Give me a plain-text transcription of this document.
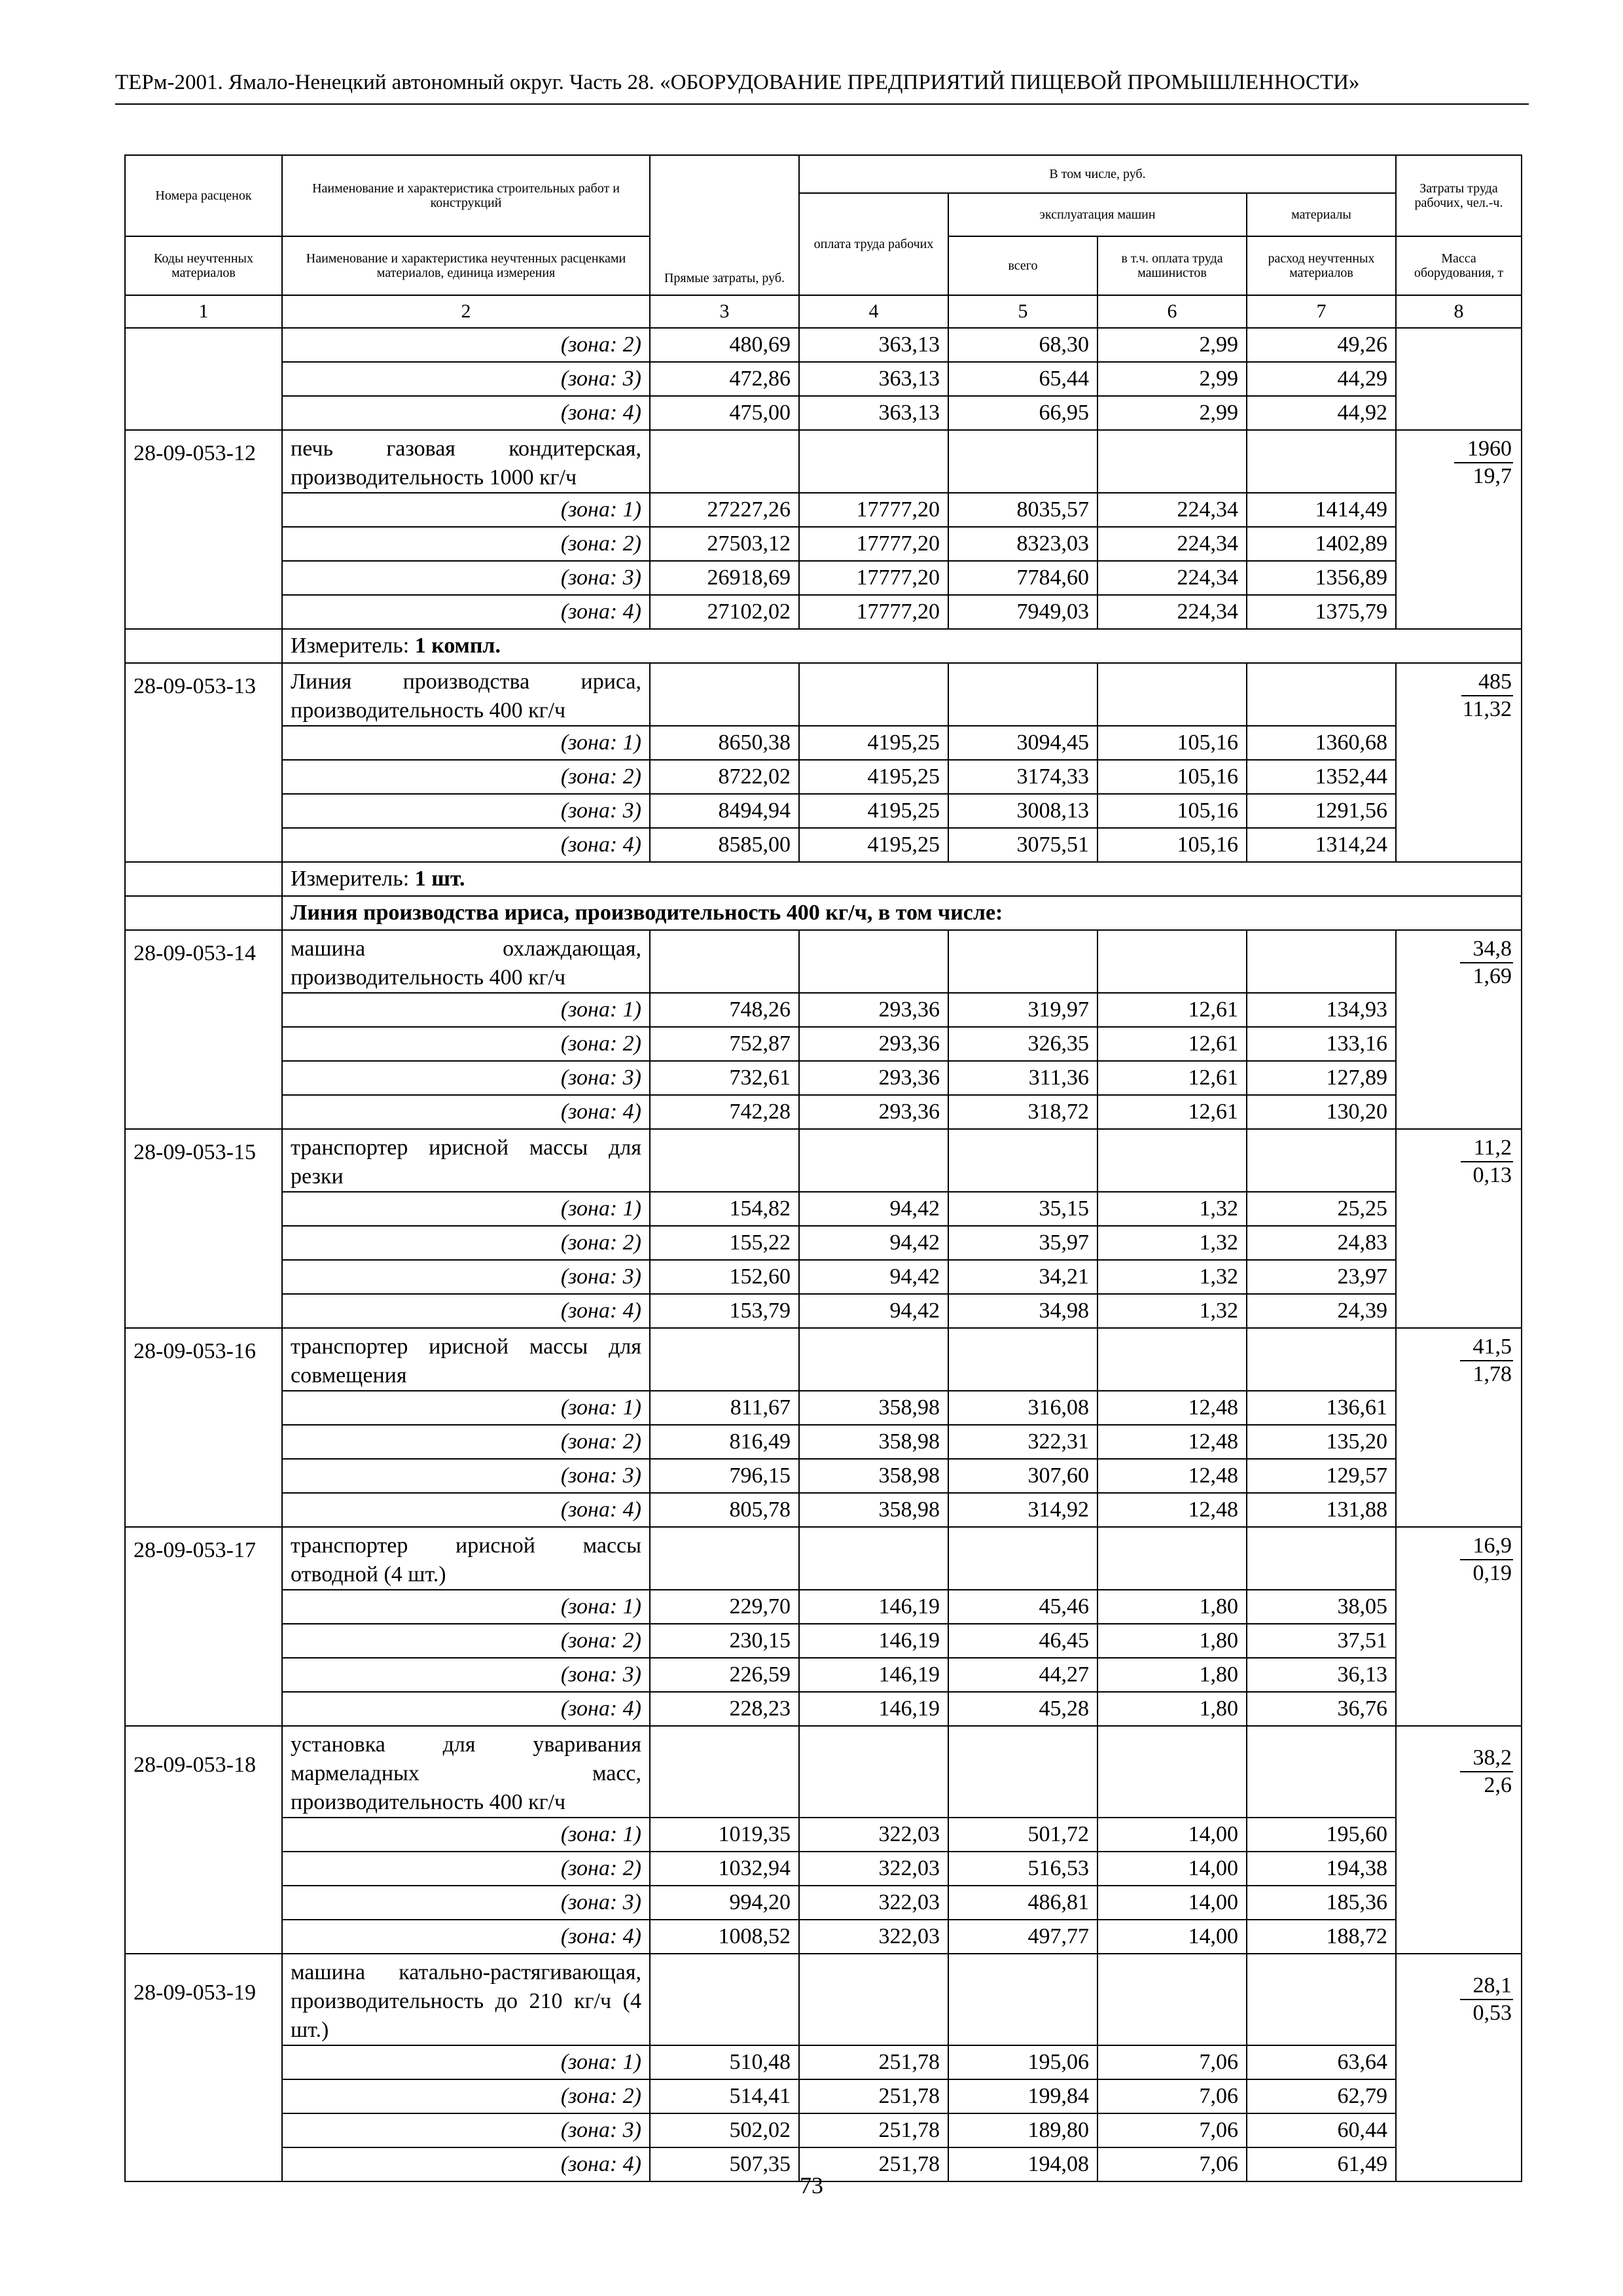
ТЕРм-2001. Ямало-Ненецкий автономный округ. Часть 28. «ОБОРУДОВАНИЕ ПРЕДПРИЯТИЙ ПИЩЕВОЙ ПРОМЫШЛЕННОСТИ»
Номера расценок	Наименование и характеристика строительных работ и конструкций	Прямые затраты, руб.	В том числе, руб.				Затраты труда рабочих, чел.-ч.
			оплата труда рабочих	эксплуатация машин		материалы	
Коды неучтенных материалов	Наименование и характеристика неучтенных расценками материалов, единица измерения			всего	в т.ч. оплата труда машинистов	расход неучтенных материалов	Масса оборудования, т
1	2	3	4	5	6	7	8
	(зона: 2)	480,69	363,13	68,30	2,99	49,26	
	(зона: 3)	472,86	363,13	65,44	2,99	44,29	
	(зона: 4)	475,00	363,13	66,95	2,99	44,92	
28-09-053-12	печь газовая кондитерская, производительность 1000 кг/ч						$\frac{1960}{19,7}$

	(зона: 1)	27227,26	17777,20	8035,57	224,34	1414,49	
	(зона: 2)	27503,12	17777,20	8323,03	224,34	1402,89	
	(зона: 3)	26918,69	17777,20	7784,60	224,34	1356,89	
	(зона: 4)	27102,02	17777,20	7949,03	224,34	1375,79	
	Измеритель: 1 компл.						
28-09-053-13	Линия производства ириса, производительность 400 кг/ч						$\frac{485}{11,32}$

	(зона: 1)	8650,38	4195,25	3094,45	105,16	1360,68	
	(зона: 2)	8722,02	4195,25	3174,33	105,16	1352,44	
	(зона: 3)	8494,94	4195,25	3008,13	105,16	1291,56	
	(зона: 4)	8585,00	4195,25	3075,51	105,16	1314,24	
	Измеритель: 1 шт.						
	Линия производства ириса, производительность 400 кг/ч, в том числе:						
28-09-053-14	машина охлаждающая, производительность 400 кг/ч						$\frac{34,8}{1,69}$

	(зона: 1)	748,26	293,36	319,97	12,61	134,93	
	(зона: 2)	752,87	293,36	326,35	12,61	133,16	
	(зона: 3)	732,61	293,36	311,36	12,61	127,89	
	(зона: 4)	742,28	293,36	318,72	12,61	130,20	
28-09-053-15	транспортер ирисной массы для резки						$\frac{11,2}{0,13}$

	(зона: 1)	154,82	94,42	35,15	1,32	25,25	
	(зона: 2)	155,22	94,42	35,97	1,32	24,83	
	(зона: 3)	152,60	94,42	34,21	1,32	23,97	
	(зона: 4)	153,79	94,42	34,98	1,32	24,39	
28-09-053-16	транспортер ирисной массы для совмещения						$\frac{41,5}{1,78}$

	(зона: 1)	811,67	358,98	316,08	12,48	136,61	
	(зона: 2)	816,49	358,98	322,31	12,48	135,20	
	(зона: 3)	796,15	358,98	307,60	12,48	129,57	
	(зона: 4)	805,78	358,98	314,92	12,48	131,88	
28-09-053-17	транспортер ирисной массы отводной (4 шт.)						$\frac{16,9}{0,19}$

	(зона: 1)	229,70	146,19	45,46	1,80	38,05	
	(зона: 2)	230,15	146,19	46,45	1,80	37,51	
	(зона: 3)	226,59	146,19	44,27	1,80	36,13	
	(зона: 4)	228,23	146,19	45,28	1,80	36,76	
28-09-053-18	установка для уваривания мармеладных масс, производительность 400 кг/ч						$\frac{38,2}{2,6}$

	(зона: 1)	1019,35	322,03	501,72	14,00	195,60	
	(зона: 2)	1032,94	322,03	516,53	14,00	194,38	
	(зона: 3)	994,20	322,03	486,81	14,00	185,36	
	(зона: 4)	1008,52	322,03	497,77	14,00	188,72	
28-09-053-19	машина катально-растягивающая, производительность до 210 кг/ч (4 шт.)						$\frac{28,1}{0,53}$

	(зона: 1)	510,48	251,78	195,06	7,06	63,64	
	(зона: 2)	514,41	251,78	199,84	7,06	62,79	
	(зона: 3)	502,02	251,78	189,80	7,06	60,44	
	(зона: 4)	507,35	251,78	194,08	7,06	61,49	
73
